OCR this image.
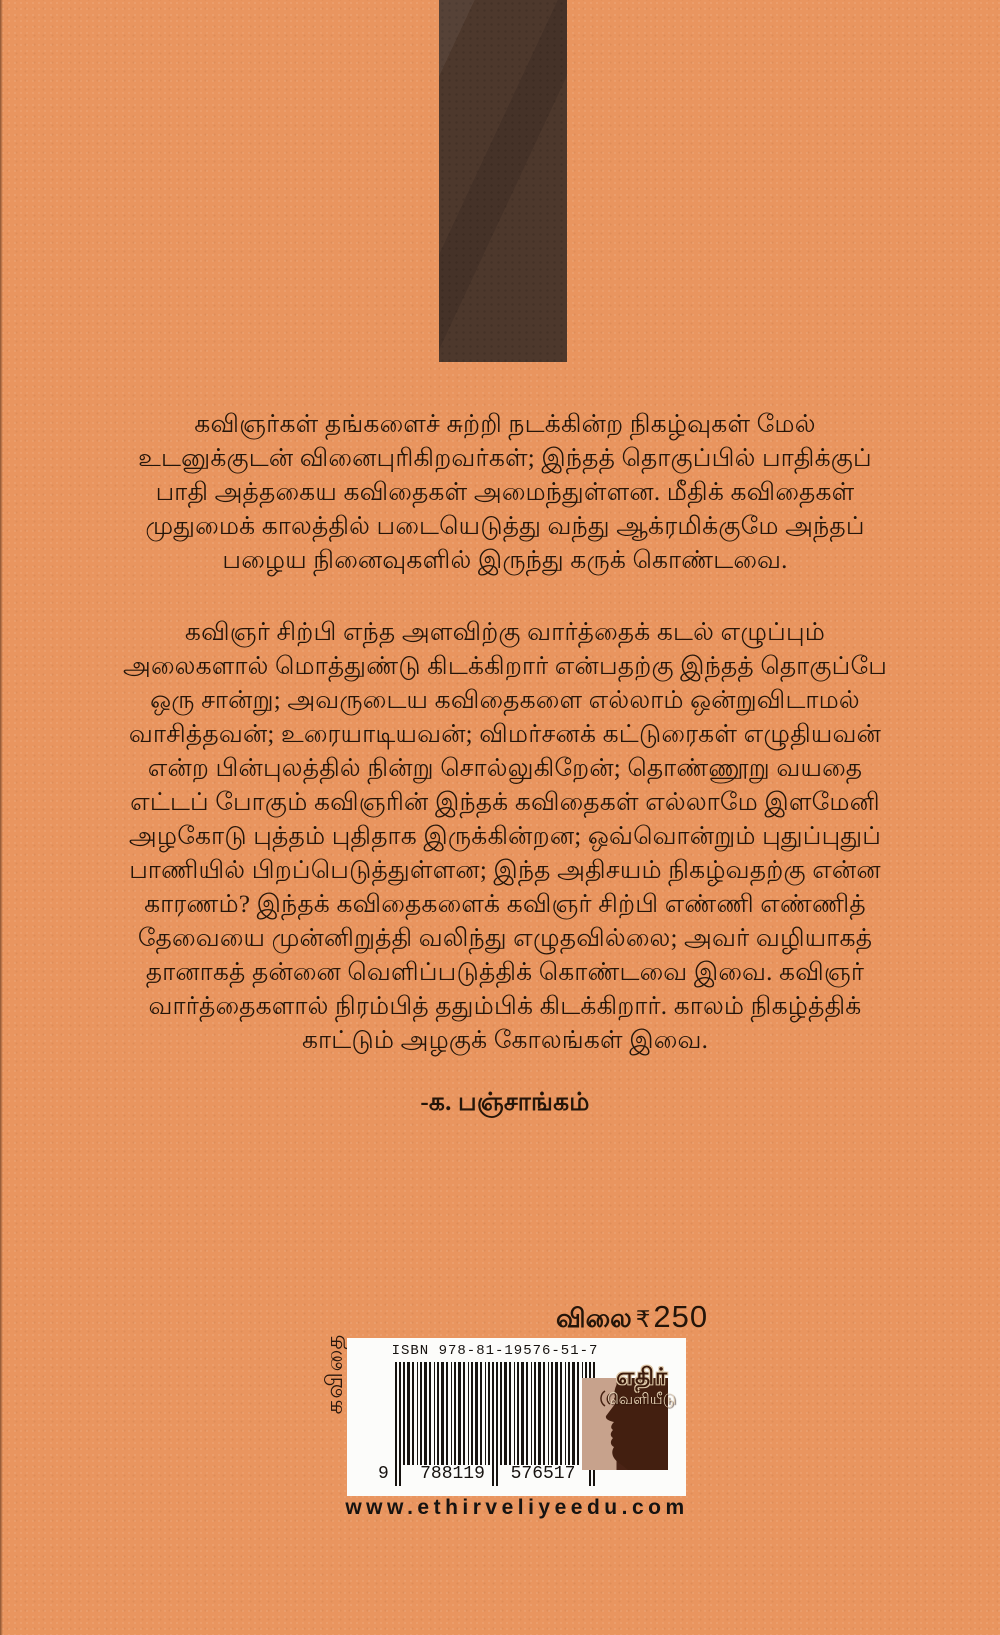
கவிஞர்கள் தங்களைச் சுற்றி நடக்கின்ற நிகழ்வுகள் மேல்
உடனுக்குடன் வினைபுரிகிறவர்கள்; இந்தத் தொகுப்பில் பாதிக்குப்
பாதி அத்தகைய கவிதைகள் அமைந்துள்ளன. மீதிக் கவிதைகள்
முதுமைக் காலத்தில் படையெடுத்து வந்து ஆக்ரமிக்குமே அந்தப்
பழைய நினைவுகளில் இருந்து கருக் கொண்டவை.
கவிஞர் சிற்பி எந்த அளவிற்கு வார்த்தைக் கடல் எழுப்பும்
அலைகளால் மொத்துண்டு கிடக்கிறார் என்பதற்கு இந்தத் தொகுப்பே
ஒரு சான்று; அவருடைய கவிதைகளை எல்லாம் ஒன்றுவிடாமல்
வாசித்தவன்; உரையாடியவன்; விமர்சனக் கட்டுரைகள் எழுதியவன்
என்ற பின்புலத்தில் நின்று சொல்லுகிறேன்; தொண்ணூறு வயதை
எட்டப் போகும் கவிஞரின் இந்தக் கவிதைகள் எல்லாமே இளமேனி
அழகோடு புத்தம் புதிதாக இருக்கின்றன; ஒவ்வொன்றும் புதுப்புதுப்
பாணியில் பிறப்பெடுத்துள்ளன; இந்த அதிசயம் நிகழ்வதற்கு என்ன
காரணம்? இந்தக் கவிதைகளைக் கவிஞர் சிற்பி எண்ணி எண்ணித்
தேவையை முன்னிறுத்தி வலிந்து எழுதவில்லை; அவர் வழியாகத்
தானாகத் தன்னை வெளிப்படுத்திக் கொண்டவை இவை. கவிஞர்
வார்த்தைகளால் நிரம்பித் ததும்பிக் கிடக்கிறார். காலம் நிகழ்த்திக்
காட்டும் அழகுக் கோலங்கள் இவை.
-க. பஞ்சாங்கம்
விலை ₹ 250
கவிதை	ISBN 978-81-19576-51-7
9 788119	576517
எதிர்
வெளியீடு
www.ethirveliyeedu.com
